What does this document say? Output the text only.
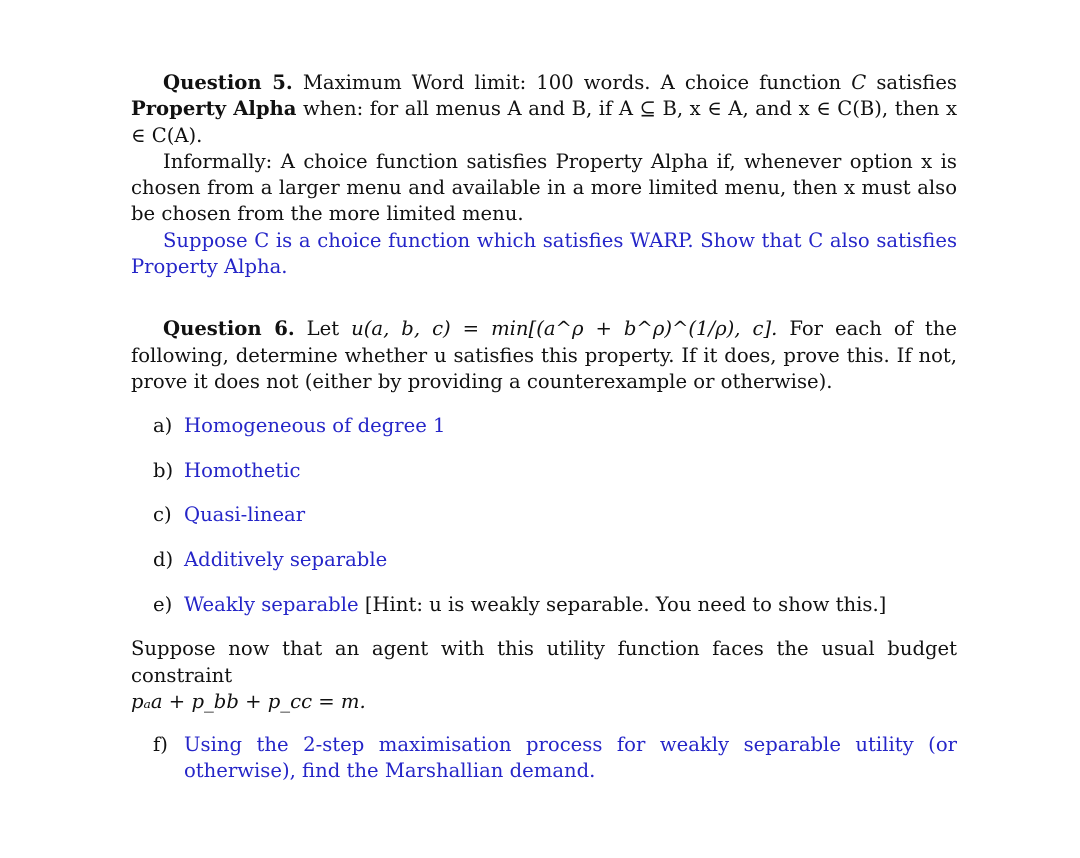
Question 5. Maximum Word limit: 100 words. A choice function C satisfies Property Alpha when: for all menus A and B, if A ⊆ B, x ∈ A, and x ∈ C(B), then x ∈ C(A).

Informally: A choice function satisfies Property Alpha if, whenever option x is chosen from a larger menu and available in a more limited menu, then x must also be chosen from the more limited menu.

Suppose C is a choice function which satisfies WARP. Show that C also satisfies Property Alpha.

Question 6. Let u(a, b, c) = min[(a^ρ + b^ρ)^(1/ρ), c]. For each of the following, determine whether u satisfies this property. If it does, prove this. If not, prove it does not (either by providing a counterexample or otherwise).

a) Homogeneous of degree 1
b) Homothetic
c) Quasi-linear
d) Additively separable
e) Weakly separable [Hint: u is weakly separable. You need to show this.]

Suppose now that an agent with this utility function faces the usual budget constraint
pₐa + p_bb + p_cc = m.

f) Using the 2-step maximisation process for weakly separable utility (or otherwise), find the Marshallian demand.
